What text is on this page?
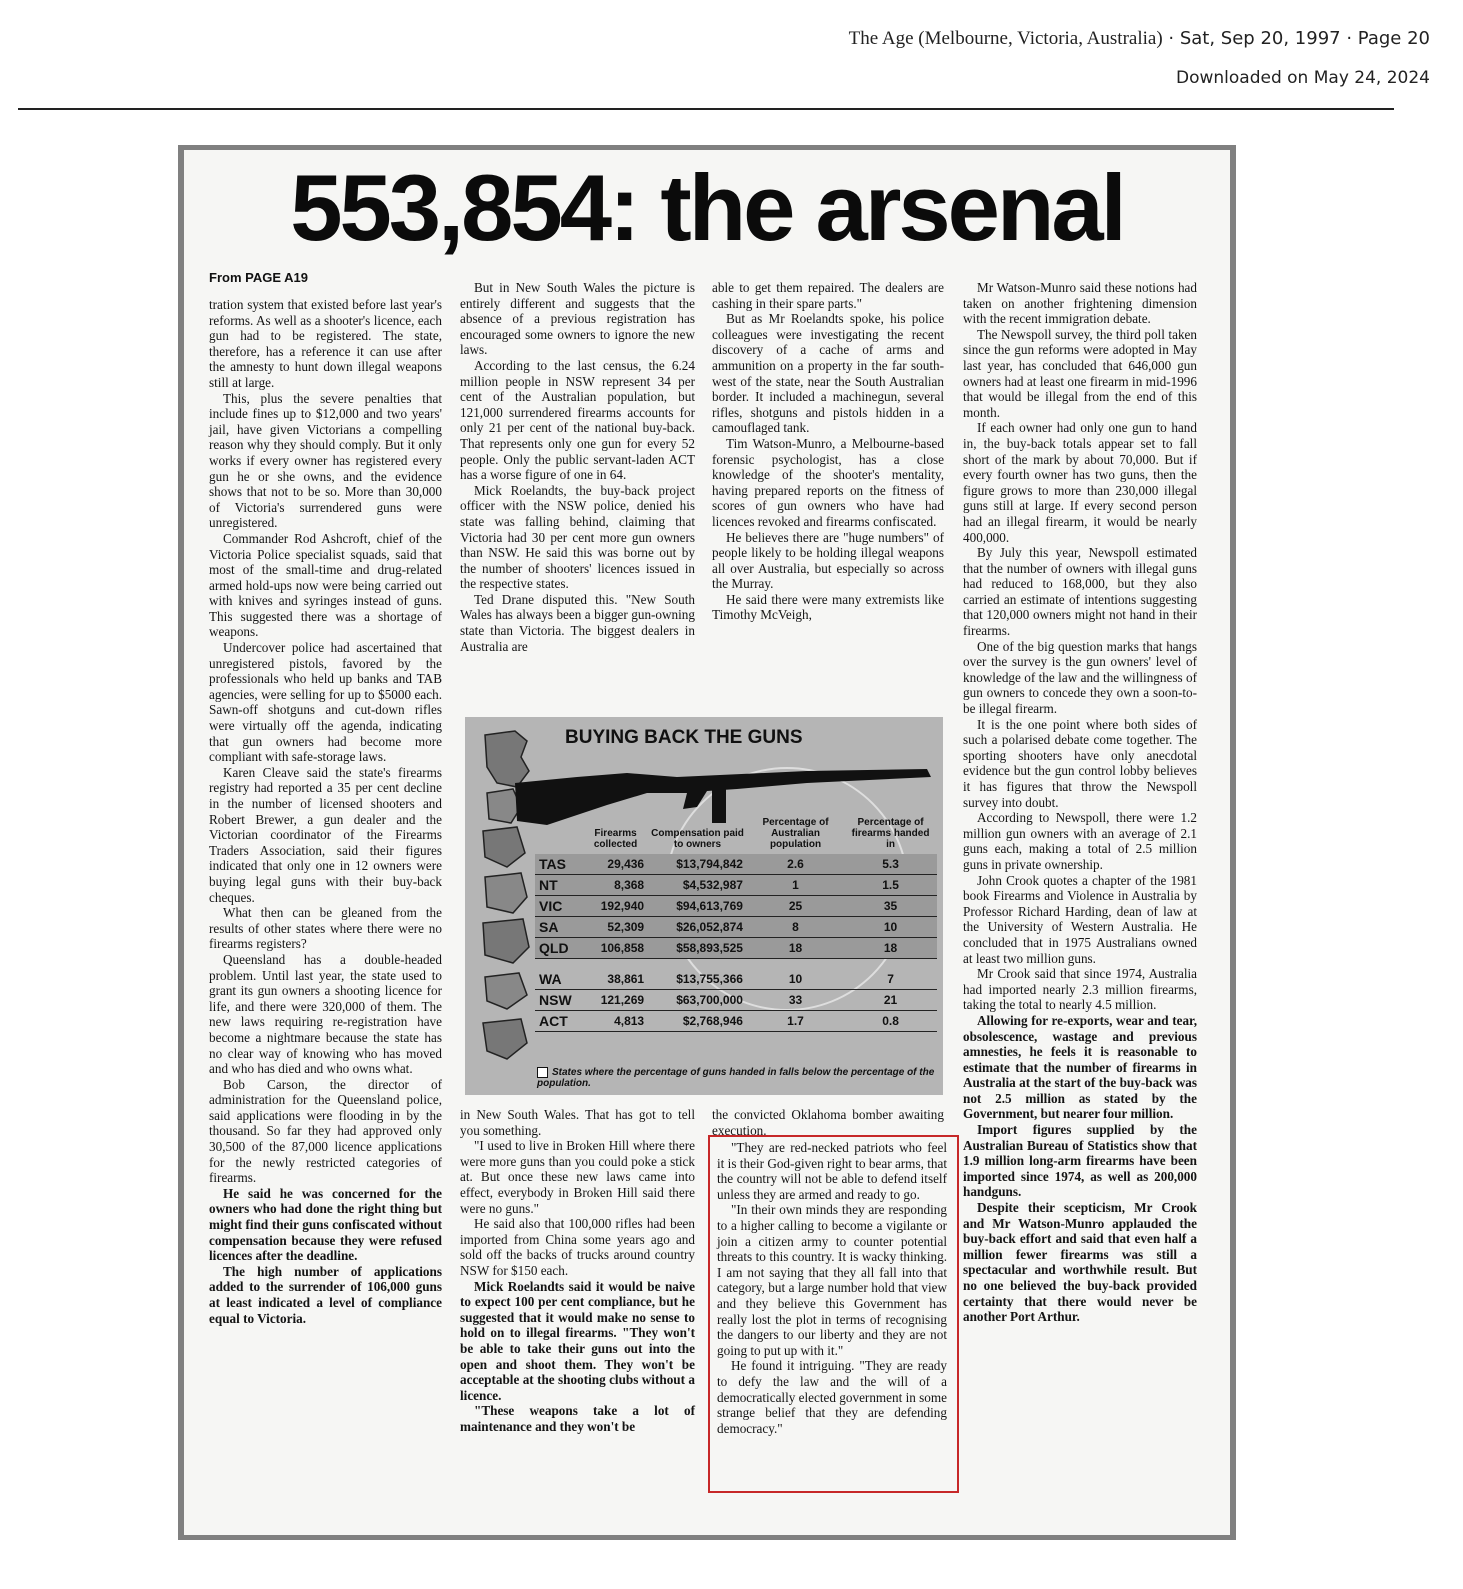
The Age (Melbourne, Victoria, Australia) · Sat, Sep 20, 1997 · Page 20
Downloaded on May 24, 2024
553,854: the arsenal
From PAGE A19

tration system that existed before last year's reforms. As well as a shooter's licence, each gun had to be registered. The state, therefore, has a reference it can use after the amnesty to hunt down illegal weapons still at large.

This, plus the severe penalties that include fines up to $12,000 and two years' jail, have given Victorians a compelling reason why they should comply. But it only works if every owner has registered every gun he or she owns, and the evidence shows that not to be so. More than 30,000 of Victoria's surrendered guns were unregistered.

Commander Rod Ashcroft, chief of the Victoria Police specialist squads, said that most of the small-time and drug-related armed hold-ups now were being carried out with knives and syringes instead of guns. This suggested there was a shortage of weapons.

Undercover police had ascertained that unregistered pistols, favored by the professionals who held up banks and TAB agencies, were selling for up to $5000 each. Sawn-off shotguns and cut-down rifles were virtually off the agenda, indicating that gun owners had become more compliant with safe-storage laws.

Karen Cleave said the state's firearms registry had reported a 35 per cent decline in the number of licensed shooters and Robert Brewer, a gun dealer and the Victorian coordinator of the Firearms Traders Association, said their figures indicated that only one in 12 owners were buying legal guns with their buy-back cheques.

What then can be gleaned from the results of other states where there were no firearms registers?

Queensland has a double-headed problem. Until last year, the state used to grant its gun owners a shooting licence for life, and there were 320,000 of them. The new laws requiring re-registration have become a nightmare because the state has no clear way of knowing who has moved and who has died and who owns what.

Bob Carson, the director of administration for the Queensland police, said applications were flooding in by the thousand. So far they had approved only 30,500 of the 87,000 licence applications for the newly restricted categories of firearms.

He said he was concerned for the owners who had done the right thing but might find their guns confiscated without compensation because they were refused licences after the deadline.

The high number of applications added to the surrender of 106,000 guns at least indicated a level of compliance equal to Victoria.

But in New South Wales the picture is entirely different and suggests that the absence of a previous registration has encouraged some owners to ignore the new laws.

According to the last census, the 6.24 million people in NSW represent 34 per cent of the Australian population, but 121,000 surrendered firearms accounts for only 21 per cent of the national buy-back. That represents only one gun for every 52 people. Only the public servant-laden ACT has a worse figure of one in 64.

Mick Roelandts, the buy-back project officer with the NSW police, denied his state was falling behind, claiming that Victoria had 30 per cent more gun owners than NSW. He said this was borne out by the number of shooters' licences issued in the respective states.

Ted Drane disputed this. "New South Wales has always been a bigger gun-owning state than Victoria. The biggest dealers in Australia are

able to get them repaired. The dealers are cashing in their spare parts."

But as Mr Roelandts spoke, his police colleagues were investigating the recent discovery of a cache of arms and ammunition on a property in the far south-west of the state, near the South Australian border. It included a machinegun, several rifles, shotguns and pistols hidden in a camouflaged tank.

Tim Watson-Munro, a Melbourne-based forensic psychologist, has a close knowledge of the shooter's mentality, having prepared reports on the fitness of scores of gun owners who have had licences revoked and firearms confiscated.

He believes there are "huge numbers" of people likely to be holding illegal weapons all over Australia, but especially so across the Murray.

He said there were many extremists like Timothy McVeigh,

in New South Wales. That has got to tell you something.

"I used to live in Broken Hill where there were more guns than you could poke a stick at. But once these new laws came into effect, everybody in Broken Hill said there were no guns."

He said also that 100,000 rifles had been imported from China some years ago and sold off the backs of trucks around country NSW for $150 each.

Mick Roelandts said it would be naive to expect 100 per cent compliance, but he suggested that it would make no sense to hold on to illegal firearms. "They won't be able to take their guns out into the open and shoot them. They won't be acceptable at the shooting clubs without a licence.

"These weapons take a lot of maintenance and they won't be

the convicted Oklahoma bomber awaiting execution.

"They are red-necked patriots who feel it is their God-given right to bear arms, that the country will not be able to defend itself unless they are armed and ready to go.

"In their own minds they are responding to a higher calling to become a vigilante or join a citizen army to counter potential threats to this country. It is wacky thinking. I am not saying that they all fall into that category, but a large number hold that view and they believe this Government has really lost the plot in terms of recognising the dangers to our liberty and they are not going to put up with it."

He found it intriguing. "They are ready to defy the law and the will of a democratically elected government in some strange belief that they are defending democracy."

Mr Watson-Munro said these notions had taken on another frightening dimension with the recent immigration debate.

The Newspoll survey, the third poll taken since the gun reforms were adopted in May last year, has concluded that 646,000 gun owners had at least one firearm in mid-1996 that would be illegal from the end of this month.

If each owner had only one gun to hand in, the buy-back totals appear set to fall short of the mark by about 70,000. But if every fourth owner has two guns, then the figure grows to more than 230,000 illegal guns still at large. If every second person had an illegal firearm, it would be nearly 400,000.

By July this year, Newspoll estimated that the number of owners with illegal guns had reduced to 168,000, but they also carried an estimate of intentions suggesting that 120,000 owners might not hand in their firearms.

One of the big question marks that hangs over the survey is the gun owners' level of knowledge of the law and the willingness of gun owners to concede they own a soon-to-be illegal firearm.

It is the one point where both sides of such a polarised debate come together. The sporting shooters have only anecdotal evidence but the gun control lobby believes it has figures that throw the Newspoll survey into doubt.

According to Newspoll, there were 1.2 million gun owners with an average of 2.1 guns each, making a total of 2.5 million guns in private ownership.

John Crook quotes a chapter of the 1981 book Firearms and Violence in Australia by Professor Richard Harding, dean of law at the University of Western Australia. He concluded that in 1975 Australians owned at least two million guns.

Mr Crook said that since 1974, Australia had imported nearly 2.3 million firearms, taking the total to nearly 4.5 million.

Allowing for re-exports, wear and tear, obsolescence, wastage and previous amnesties, he feels it is reasonable to estimate that the number of firearms in Australia at the start of the buy-back was not 2.5 million as stated by the Government, but nearer four million.

Import figures supplied by the Australian Bureau of Statistics show that 1.9 million long-arm firearms have been imported since 1974, as well as 200,000 handguns.

Despite their scepticism, Mr Crook and Mr Watson-Munro applauded the buy-back effort and said that even half a million fewer firearms was still a spectacular and worthwhile result. But no one believed the buy-back provided certainty that there would never be another Port Arthur.

BUYING BACK THE GUNS
	Firearms collected	Compensation paid to owners	Percentage of Australian population	Percentage of firearms handed in
TAS	29,436	$13,794,842	2.6	5.3
NT	8,368	$4,532,987	1	1.5
VIC	192,940	$94,613,769	25	35
SA	52,309	$26,052,874	8	10
QLD	106,858	$58,893,525	18	18

WA	38,861	$13,755,366	10	7
NSW	121,269	$63,700,000	33	21
ACT	4,813	$2,768,946	1.7	0.8
States where the percentage of guns handed in falls below the percentage of the population.
